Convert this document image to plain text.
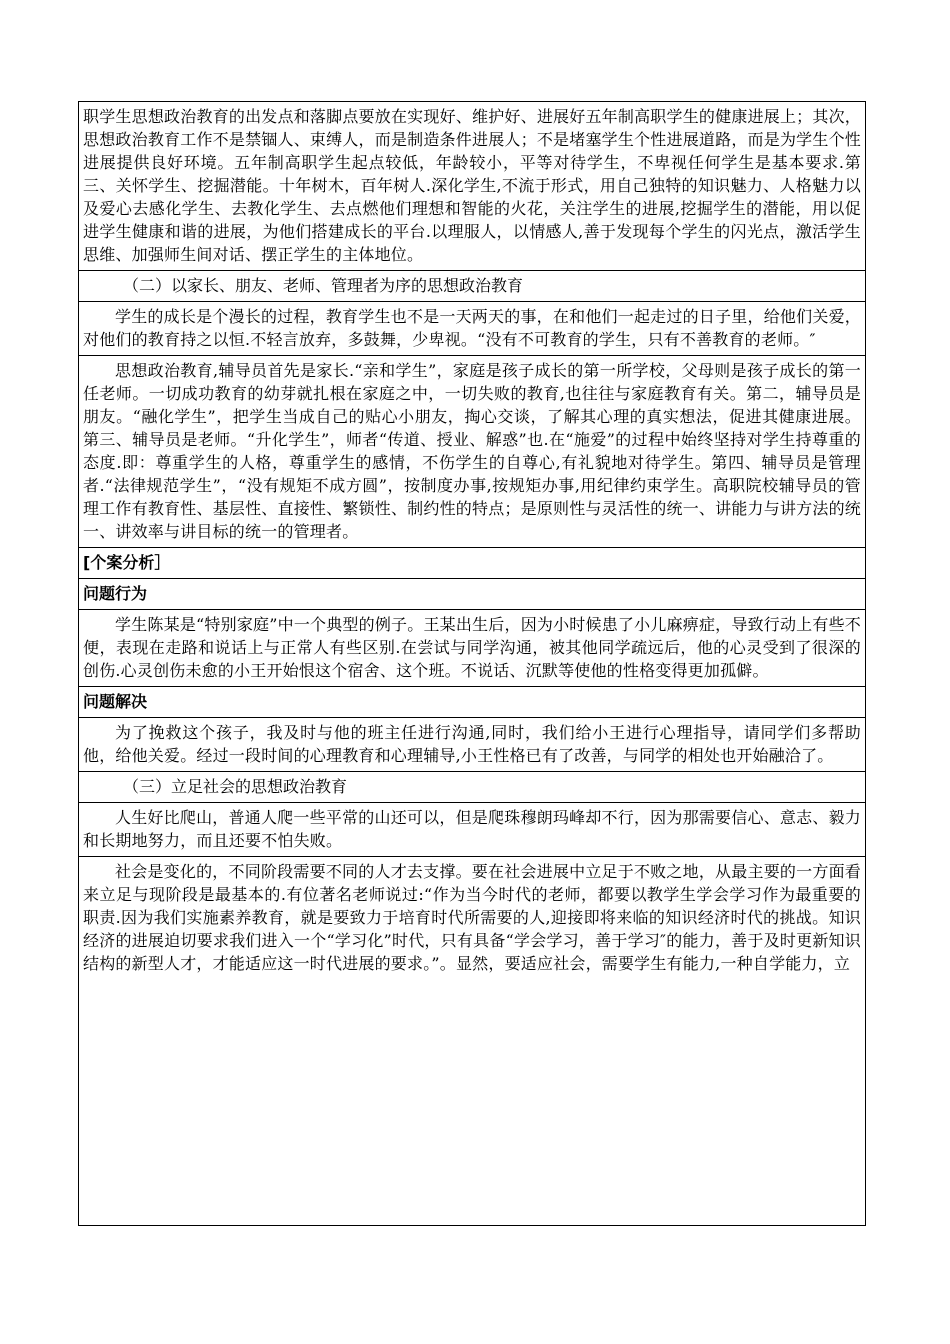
职学生思想政治教育的出发点和落脚点要放在实现好、维护好、进展好五年制高职学生的健康进展上；其次，思想政治教育工作不是禁锢人、束缚人，而是制造条件进展人；不是堵塞学生个性进展道路，而是为学生个性进展提供良好环境。五年制高职学生起点较低，年龄较小，平等对待学生，不卑视任何学生是基本要求.第三、关怀学生、挖掘潜能。十年树木，百年树人.深化学生,不流于形式，用自己独特的知识魅力、人格魅力以及爱心去感化学生、去教化学生、去点燃他们理想和智能的火花，关注学生的进展,挖掘学生的潜能，用以促进学生健康和谐的进展，为他们搭建成长的平台.以理服人，以情感人,善于发现每个学生的闪光点，激活学生思维、加强师生间对话、摆正学生的主体地位。

（二）以家长、朋友、老师、管理者为序的思想政治教育

学生的成长是个漫长的过程，教育学生也不是一天两天的事，在和他们一起走过的日子里，给他们关爱，对他们的教育持之以恒.不轻言放弃，多鼓舞，少卑视。“没有不可教育的学生，只有不善教育的老师。″

思想政治教育,辅导员首先是家长.“亲和学生”，家庭是孩子成长的第一所学校，父母则是孩子成长的第一任老师。一切成功教育的幼芽就扎根在家庭之中，一切失败的教育,也往往与家庭教育有关。第二，辅导员是朋友。“融化学生”，把学生当成自己的贴心小朋友，掏心交谈，了解其心理的真实想法，促进其健康进展。第三、辅导员是老师。“升化学生”，师者“传道、授业、解惑”也.在“施爱”的过程中始终坚持对学生持尊重的态度.即：尊重学生的人格，尊重学生的感情，不伤学生的自尊心,有礼貌地对待学生。第四、辅导员是管理者.“法律规范学生”，“没有规矩不成方圆”，按制度办事,按规矩办事,用纪律约束学生。高职院校辅导员的管理工作有教育性、基层性、直接性、繁锁性、制约性的特点；是原则性与灵活性的统一、讲能力与讲方法的统一、讲效率与讲目标的统一的管理者。

[个案分析］

问题行为

学生陈某是“特别家庭”中一个典型的例子。王某出生后，因为小时候患了小儿麻痹症，导致行动上有些不便，表现在走路和说话上与正常人有些区别.在尝试与同学沟通，被其他同学疏远后，他的心灵受到了很深的创伤.心灵创伤未愈的小王开始恨这个宿舍、这个班。不说话、沉默等使他的性格变得更加孤僻。

问题解决

为了挽救这个孩子，我及时与他的班主任进行沟通,同时，我们给小王进行心理指导，请同学们多帮助他，给他关爱。经过一段时间的心理教育和心理辅导,小王性格已有了改善，与同学的相处也开始融洽了。

（三）立足社会的思想政治教育

人生好比爬山，普通人爬一些平常的山还可以，但是爬珠穆朗玛峰却不行，因为那需要信心、意志、毅力和长期地努力，而且还要不怕失败。

社会是变化的，不同阶段需要不同的人才去支撑。要在社会进展中立足于不败之地，从最主要的一方面看来立足与现阶段是最基本的.有位著名老师说过:“作为当今时代的老师，都要以教学生学会学习作为最重要的职责.因为我们实施素养教育，就是要致力于培育时代所需要的人,迎接即将来临的知识经济时代的挑战。知识经济的进展迫切要求我们进入一个“学习化”时代，只有具备“学会学习，善于学习″的能力，善于及时更新知识结构的新型人才，才能适应这一时代进展的要求。”。显然，要适应社会，需要学生有能力,一种自学能力，立
